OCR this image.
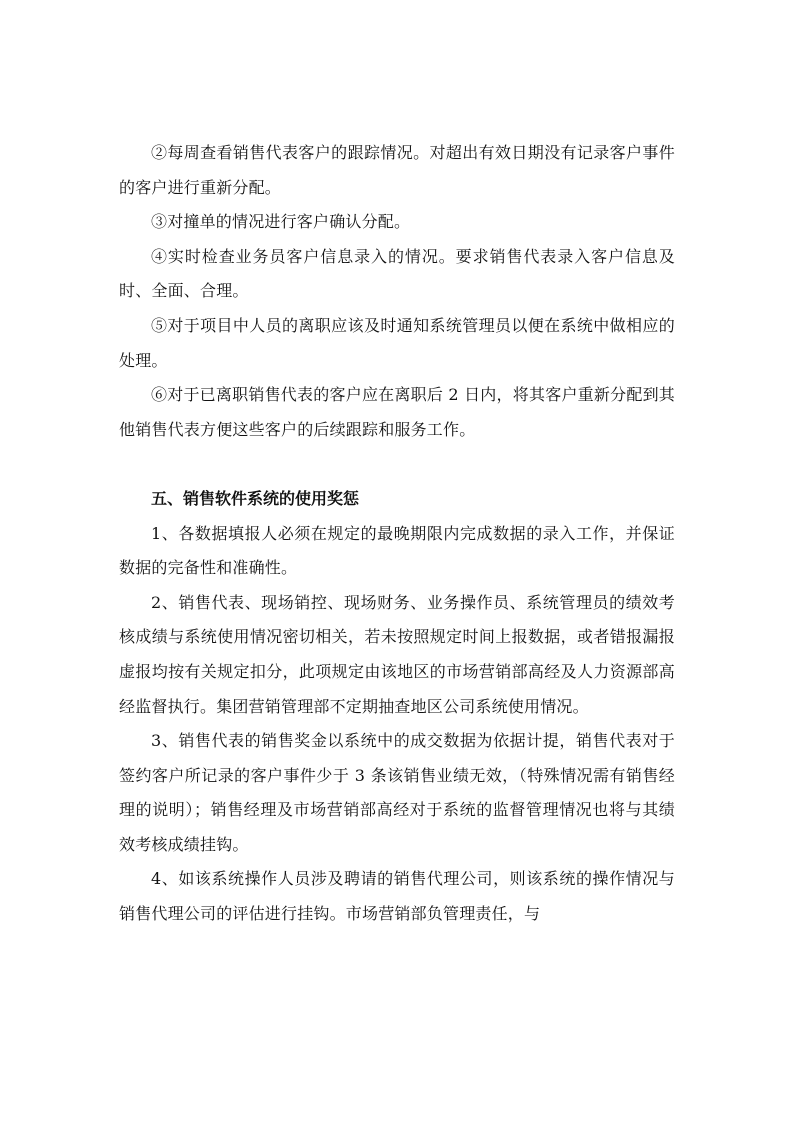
②每周查看销售代表客户的跟踪情况。对超出有效日期没有记录客户事件的客户进行重新分配。

③对撞单的情况进行客户确认分配。

④实时检查业务员客户信息录入的情况。要求销售代表录入客户信息及时、全面、合理。

⑤对于项目中人员的离职应该及时通知系统管理员以便在系统中做相应的处理。

⑥对于已离职销售代表的客户应在离职后 2 日内，将其客户重新分配到其他销售代表方便这些客户的后续跟踪和服务工作。

五、销售软件系统的使用奖惩

1、各数据填报人必须在规定的最晚期限内完成数据的录入工作，并保证数据的完备性和准确性。

2、销售代表、现场销控、现场财务、业务操作员、系统管理员的绩效考核成绩与系统使用情况密切相关，若未按照规定时间上报数据，或者错报漏报虚报均按有关规定扣分，此项规定由该地区的市场营销部高经及人力资源部高经监督执行。集团营销管理部不定期抽查地区公司系统使用情况。

3、销售代表的销售奖金以系统中的成交数据为依据计提，销售代表对于签约客户所记录的客户事件少于 3 条该销售业绩无效，（特殊情况需有销售经理的说明）；销售经理及市场营销部高经对于系统的监督管理情况也将与其绩效考核成绩挂钩。

4、如该系统操作人员涉及聘请的销售代理公司，则该系统的操作情况与销售代理公司的评估进行挂钩。市场营销部负管理责任，与
